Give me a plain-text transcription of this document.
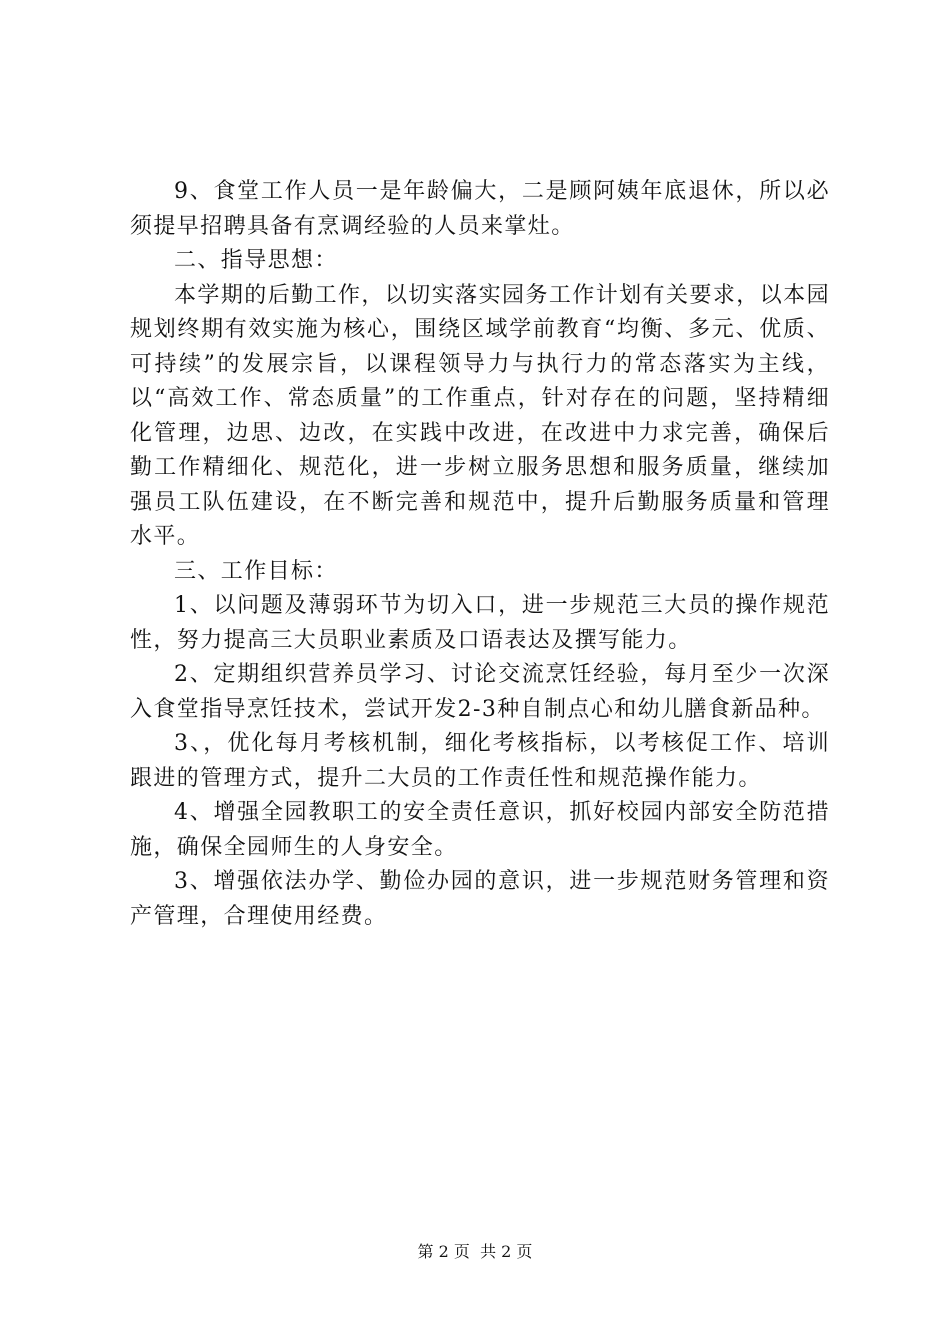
9、食堂工作人员一是年龄偏大，二是顾阿姨年底退休，所以必须提早招聘具备有烹调经验的人员来掌灶。

二、指导思想：

本学期的后勤工作，以切实落实园务工作计划有关要求，以本园规划终期有效实施为核心，围绕区域学前教育“均衡、多元、优质、可持续”的发展宗旨，以课程领导力与执行力的常态落实为主线，以“高效工作、常态质量”的工作重点，针对存在的问题，坚持精细化管理，边思、边改，在实践中改进，在改进中力求完善，确保后勤工作精细化、规范化，进一步树立服务思想和服务质量，继续加强员工队伍建设，在不断完善和规范中，提升后勤服务质量和管理水平。

三、工作目标：

1、以问题及薄弱环节为切入口，进一步规范三大员的操作规范性，努力提高三大员职业素质及口语表达及撰写能力。

2、定期组织营养员学习、讨论交流烹饪经验，每月至少一次深入食堂指导烹饪技术，尝试开发2-3种自制点心和幼儿膳食新品种。

3、，优化每月考核机制，细化考核指标，以考核促工作、培训跟进的管理方式，提升二大员的工作责任性和规范操作能力。

4、增强全园教职工的安全责任意识，抓好校园内部安全防范措施，确保全园师生的人身安全。

3、增强依法办学、勤俭办园的意识，进一步规范财务管理和资产管理，合理使用经费。

第 2 页  共 2 页
